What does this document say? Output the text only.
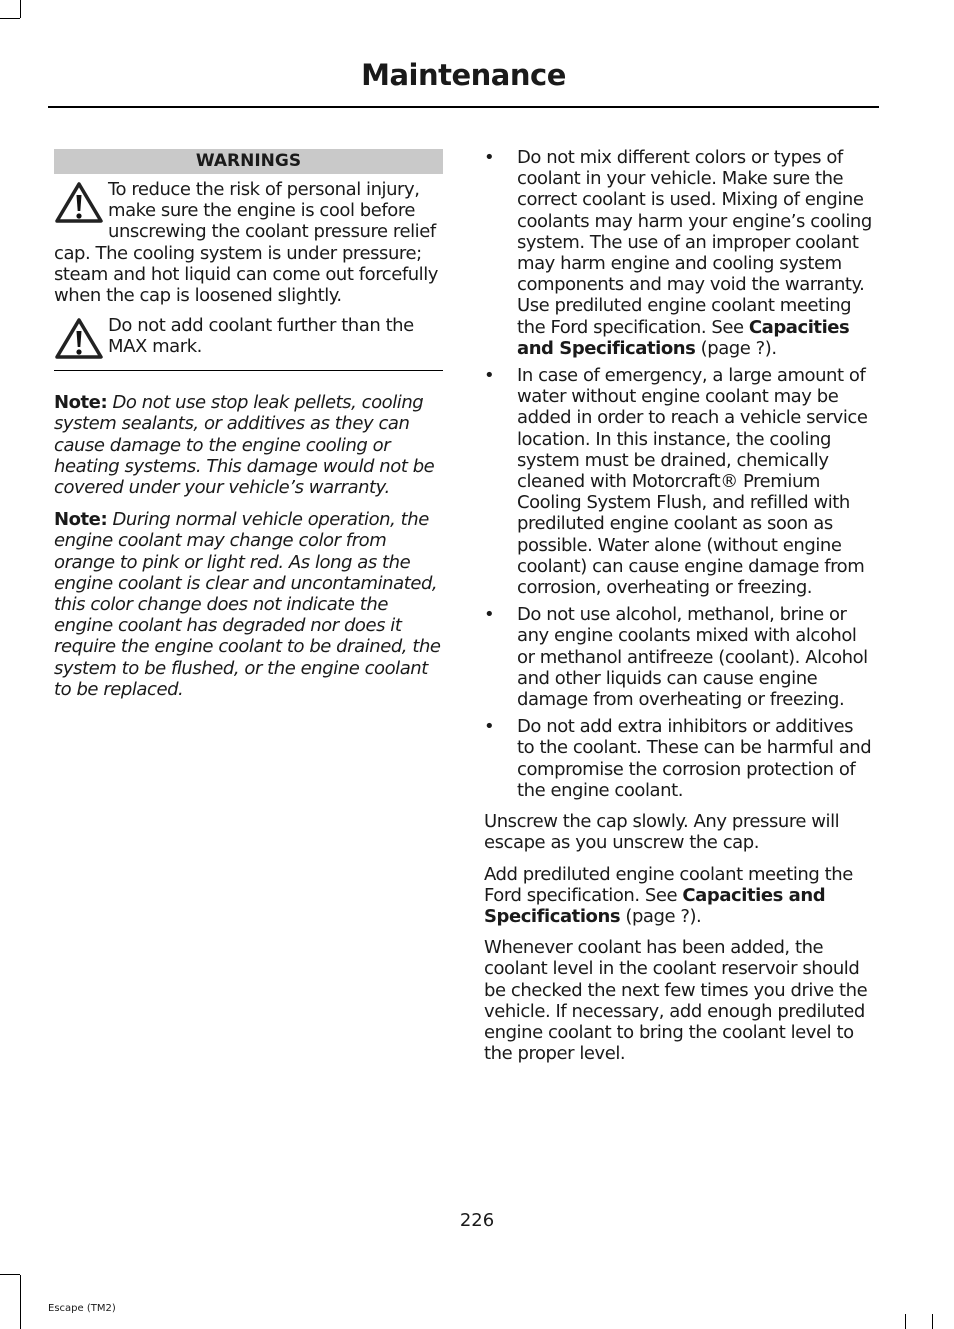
Maintenance
WARNINGS
To reduce the risk of personal injury, make sure the engine is cool before unscrewing the coolant pressure relief cap. The cooling system is under pressure; steam and hot liquid can come out forcefully when the cap is loosened slightly.
Do not add coolant further than the MAX mark.
Note: Do not use stop leak pellets, cooling system sealants, or additives as they can cause damage to the engine cooling or heating systems. This damage would not be covered under your vehicle’s warranty.
Note: During normal vehicle operation, the engine coolant may change color from orange to pink or light red. As long as the engine coolant is clear and uncontaminated, this color change does not indicate the engine coolant has degraded nor does it require the engine coolant to be drained, the system to be flushed, or the engine coolant to be replaced.
• Do not mix different colors or types of coolant in your vehicle. Make sure the correct coolant is used. Mixing of engine coolants may harm your engine’s cooling system. The use of an improper coolant may harm engine and cooling system components and may void the warranty. Use prediluted engine coolant meeting the Ford specification. See Capacities and Specifications (page ?).
• In case of emergency, a large amount of water without engine coolant may be added in order to reach a vehicle service location. In this instance, the cooling system must be drained, chemically cleaned with Motorcraft® Premium Cooling System Flush, and refilled with prediluted engine coolant as soon as possible. Water alone (without engine coolant) can cause engine damage from corrosion, overheating or freezing.
• Do not use alcohol, methanol, brine or any engine coolants mixed with alcohol or methanol antifreeze (coolant). Alcohol and other liquids can cause engine damage from overheating or freezing.
• Do not add extra inhibitors or additives to the coolant. These can be harmful and compromise the corrosion protection of the engine coolant.
Unscrew the cap slowly. Any pressure will escape as you unscrew the cap.
Add prediluted engine coolant meeting the Ford specification. See Capacities and Specifications (page ?).
Whenever coolant has been added, the coolant level in the coolant reservoir should be checked the next few times you drive the vehicle. If necessary, add enough prediluted engine coolant to bring the coolant level to the proper level.
226
Escape (TM2)
